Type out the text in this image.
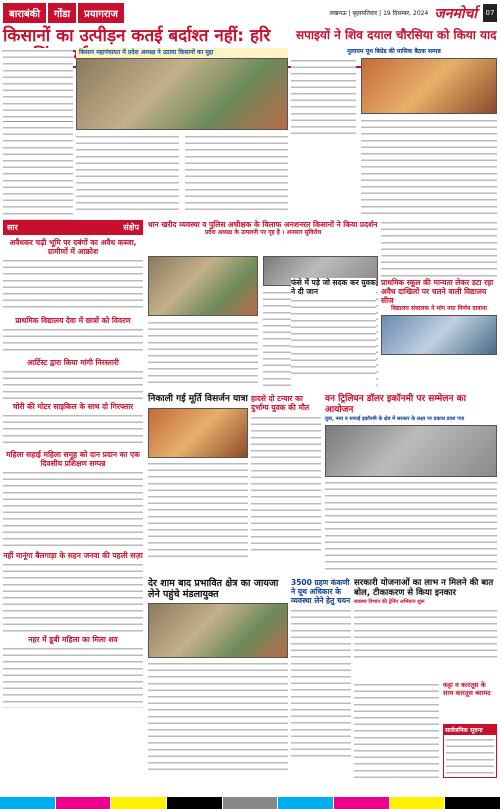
बाराबंकी	गोंडा	प्रयागराज	लखनऊ | बृहस्पतिवार | 19 दिसम्बर, 2024 जनमोर्चा	07
किसानों का उत्पीड़न कतई बर्दाश्त नहीं: हरि	सपाइयों ने शिव दयाल चौरसिया को किया याद
किसान महापंचायत में प्रदेश अध्यक्ष ने उठाया किसानों का मुद्दा	मुलायम यूथ बिग्रेड की मासिक बैठक सम्पन्न
सार	संक्षेप
अवैधकर चढ़ी भूमि पर दबंगों का अवैध कब्जा, ग्रामीणों में आक्रोश
प्राथमिक विद्यालय देवा में छात्रों को विवरण
आर्टिस्ट द्वारा किया मांगी निरस्तारी
चोरी की मोटर साइकिल के साथ दो गिरफ्तार
महिला सहाई महिला समूह को दान प्रदान का एक दिवसीय प्रशिक्षण सम्पन्न
नहीं मानूंगा बैलगाड़ा के सहन जनवा की पहली सज़ा
नहर में डूबी महिला का मिला शव
धान खरीद व्यवस्था व पुलिस अधीक्षक के विलाफ अनशनरत किसानों ने किया प्रदर्शन
प्रदेश अध्यक्ष के उत्पलनी पर गृह है । अनसार सुविरोध
फंसे में पड़े जो सदक कर युवक ने दी जान
प्राथमिक स्कूल की मान्यता लेकर डटा रहा अवैध दाखिलों पर चलने वाली विद्यालय सीज
विद्यालय संचालक ने मांग नया निर्णय दावाना
निकाली गई मूर्ति विसर्जन यात्रा हादसे दो टन्यार का दुर्भाग्य युवक की मौत
वन ट्रिलियन डॉलर इकॉनमी पर सम्मेलन का आयोजन
युवा, नशा व सफाई इकॉनमी के क्षेत्र में सरकार के लक्ष्य पर प्रकाश डाला गया
देर शाम बाद प्रभावित क्षेत्र का जायजा लेने पहुंचे मंडलायुक्त
3500 ग्रहण कंकणी ने यूथ अधिकार के व्यवस्था लेने हेतु चयन
सरकारी योजनाओं का लाभ न मिलने की बात बोल, टीकाकरण से किया इनकार
स्वास्थ्य विभाग की ट्रेनिंग अभियान शुरू
कट्टा व कारतूस के साथ कारतूस बरामद
सार्वजनिक सूचना
